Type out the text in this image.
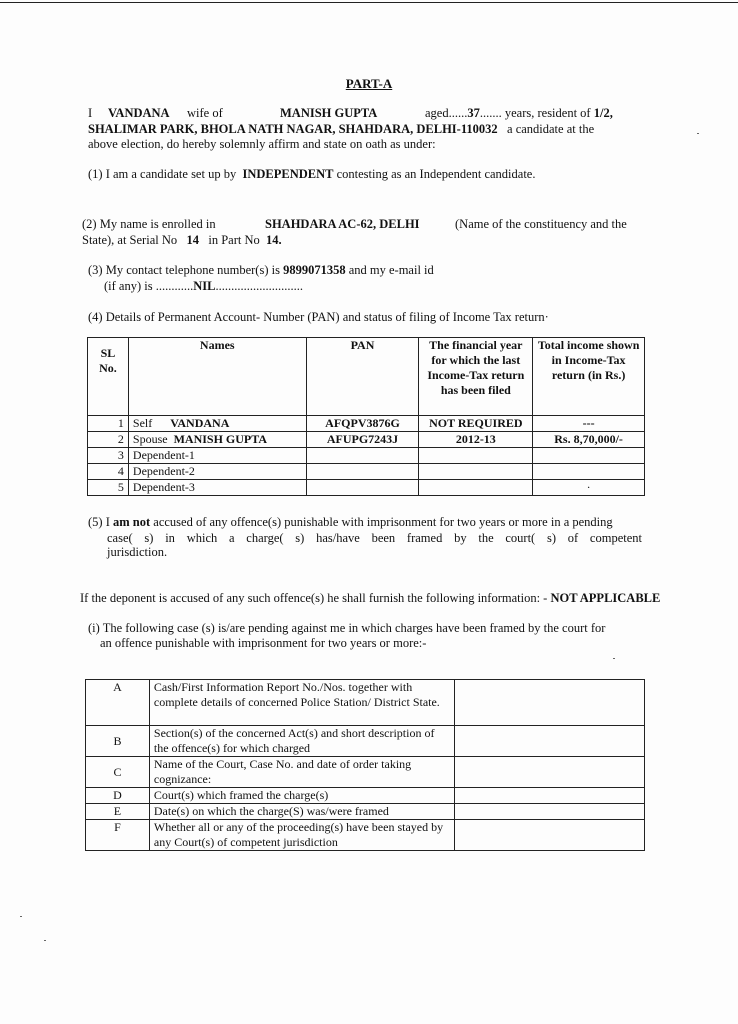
PART-A
I VANDANA wife of	MANISH GUPTA	aged......37....... years, resident of 1/2,
SHALIMAR PARK, BHOLA NATH NAGAR, SHAHDARA, DELHI-110032 a candidate at the
above election, do hereby solemnly affirm and state on oath as under:
(1) I am a candidate set up by INDEPENDENT contesting as an Independent candidate.
(2) My name is enrolled in	SHAHDARA AC-62, DELHI	(Name of the constituency and the
State), at Serial No 14 in Part No 14.
(3) My contact telephone number(s) is 9899071358 and my e-mail id
(if any) is ............NIL............................
(4) Details of Permanent Account- Number (PAN) and status of filing of Income Tax return·
SL No.	Names	PAN	The financial year for which the last Income-Tax return has been filed	Total income shown in Income-Tax return (in Rs.)
1	Self VANDANA	AFQPV3876G	NOT REQUIRED	---
2	Spouse MANISH GUPTA	AFUPG7243J	2012-13	Rs. 8,70,000/-
3	Dependent-1			
4	Dependent-2			
5	Dependent-3			·
(5) I am not accused of any offence(s) punishable with imprisonment for two years or more in a pending
case( s) in which a charge( s) has/have been framed by the court( s) of competent
jurisdiction.
If the deponent is accused of any such offence(s) he shall furnish the following information: - NOT APPLICABLE
(i) The following case (s) is/are pending against me in which charges have been framed by the court for
an offence punishable with imprisonment for two years or more:-
A	Cash/First Information Report No./Nos. together with complete details of concerned Police Station/ District State.	
B	Section(s) of the concerned Act(s) and short description of the offence(s) for which charged	
C	Name of the Court, Case No. and date of order taking cognizance:	
D	Court(s) which framed the charge(s)	
E	Date(s) on which the charge(S) was/were framed	
F	Whether all or any of the proceeding(s) have been stayed by any Court(s) of competent jurisdiction	
